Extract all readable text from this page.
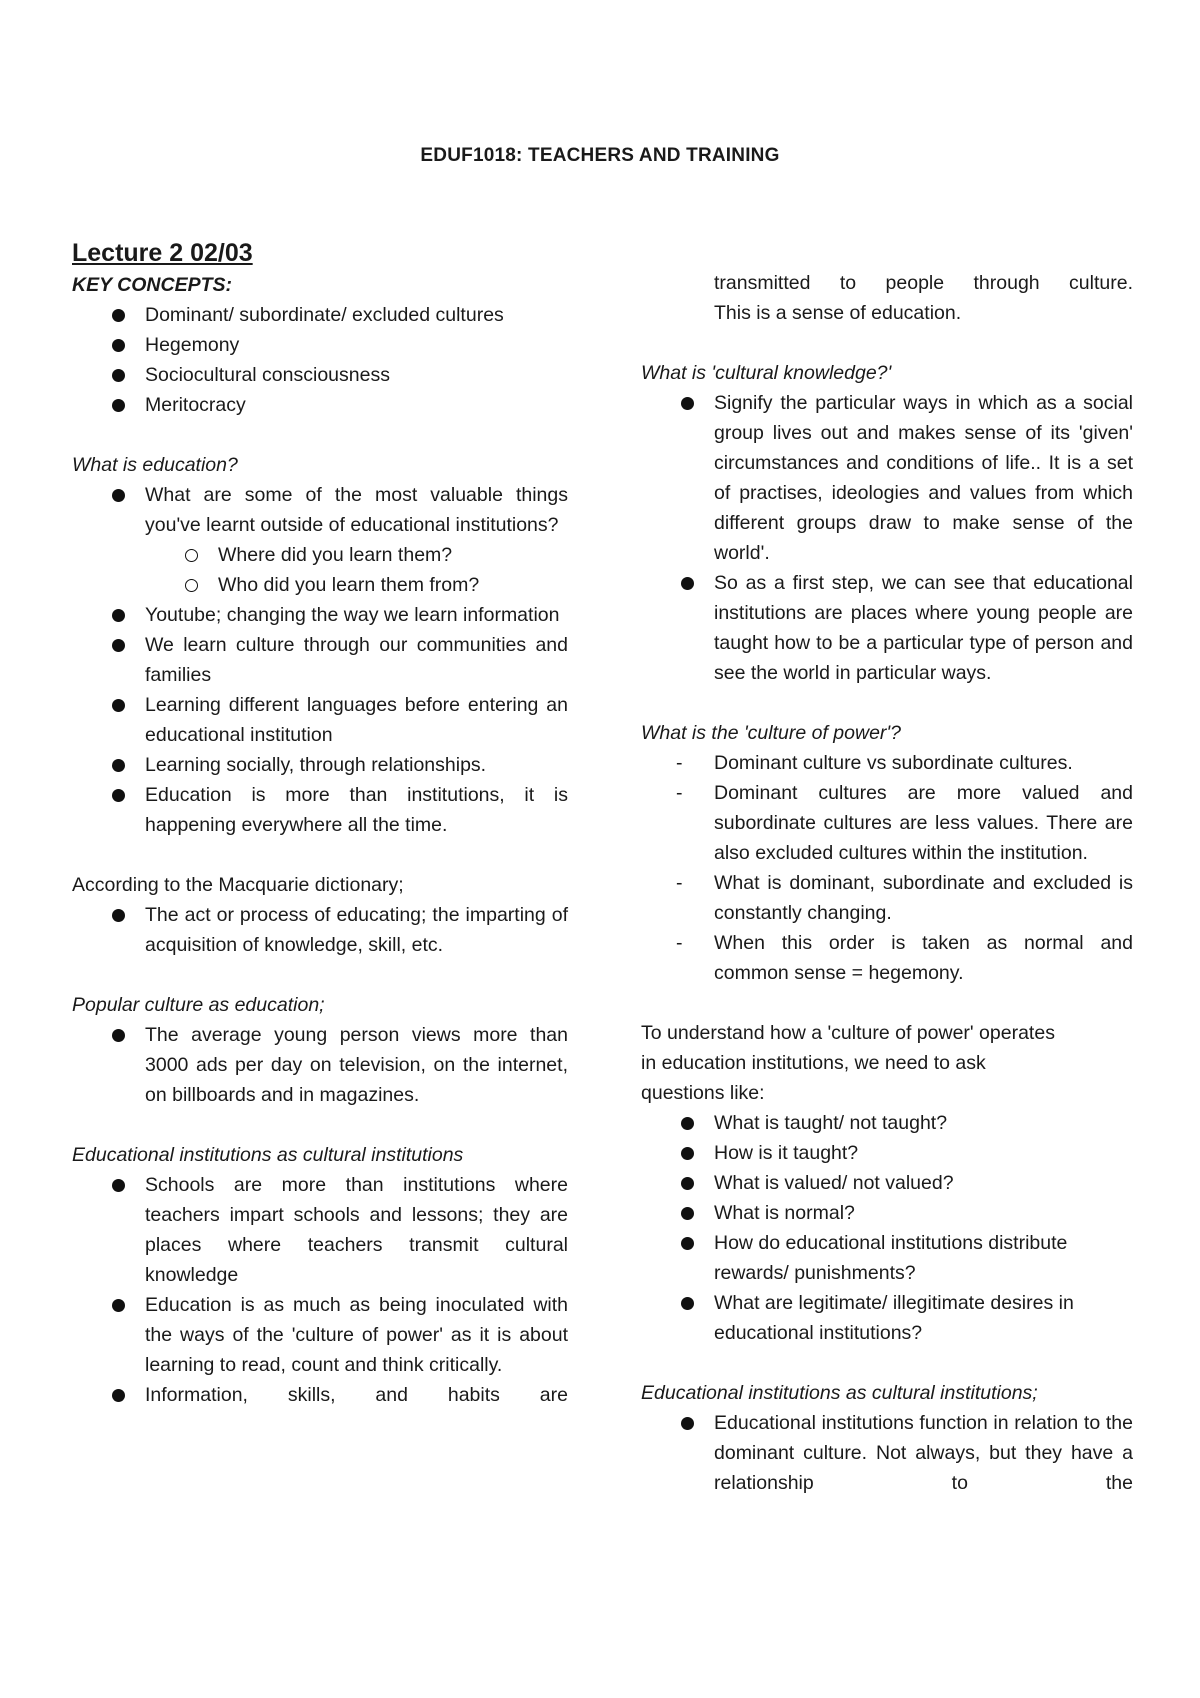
EDUF1018: TEACHERS AND TRAINING

Lecture 2 02/03

KEY CONCEPTS:

Dominant/ subordinate/ excluded cultures
Hegemony
Sociocultural consciousness
Meritocracy

What is education?

What are some of the most valuable things you've learnt outside of educational institutions?
Where did you learn them?
Who did you learn them from?
Youtube; changing the way we learn information
We learn culture through our communities and families
Learning different languages before entering an educational institution
Learning socially, through relationships.
Education is more than institutions, it is happening everywhere all the time.

According to the Macquarie dictionary;

The act or process of educating; the imparting of acquisition of knowledge, skill, etc.

Popular culture as education;

The average young person views more than 3000 ads per day on television, on the internet, on billboards and in magazines.

Educational institutions as cultural institutions

Schools are more than institutions where teachers impart schools and lessons; they are places where teachers transmit cultural knowledge
Education is as much as being inoculated with the ways of the 'culture of power' as it is about learning to read, count and think critically.
Information, skills, and habits are

transmitted to people through culture.

This is a sense of education.

What is 'cultural knowledge?'

Signify the particular ways in which as a social group lives out and makes sense of its 'given' circumstances and conditions of life.. It is a set of practises, ideologies and values from which different groups draw to make sense of the world'.
So as a first step, we can see that educational institutions are places where young people are taught how to be a particular type of person and see the world in particular ways.

What is the 'culture of power'?

- Dominant culture vs subordinate cultures.
- Dominant cultures are more valued and subordinate cultures are less values. There are also excluded cultures within the institution.
- What is dominant, subordinate and excluded is constantly changing.
- When this order is taken as normal and common sense = hegemony.

To understand how a 'culture of power' operates

in education institutions, we need to ask

questions like:

What is taught/ not taught?
How is it taught?
What is valued/ not valued?
What is normal?
How do educational institutions distribute rewards/ punishments?
What are legitimate/ illegitimate desires in educational institutions?

Educational institutions as cultural institutions;

Educational institutions function in relation to the dominant culture. Not always, but they have a relationship to the
